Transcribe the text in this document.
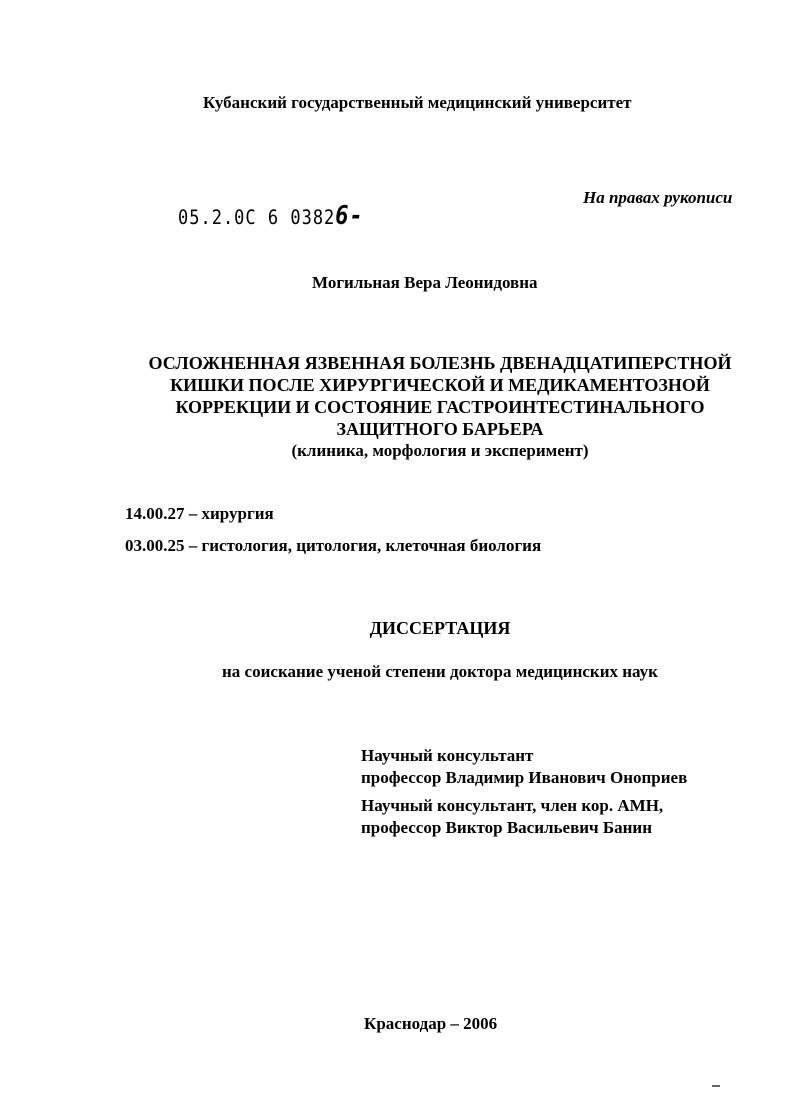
Кубанский государственный медицинский университет
05.2.0С 6 03826-
На правах рукописи
Могильная Вера Леонидовна
ОСЛОЖНЕННАЯ ЯЗВЕННАЯ БОЛЕЗНЬ ДВЕНАДЦАТИПЕРСТНОЙ
КИШКИ ПОСЛЕ ХИРУРГИЧЕСКОЙ И МЕДИКАМЕНТОЗНОЙ
КОРРЕКЦИИ И СОСТОЯНИЕ ГАСТРОИНТЕСТИНАЛЬНОГО
ЗАЩИТНОГО БАРЬЕРА
(клиника, морфология и эксперимент)
14.00.27 – хирургия
03.00.25 – гистология, цитология, клеточная биология
ДИССЕРТАЦИЯ
на соискание ученой степени доктора медицинских наук
Научный консультант
профессор Владимир Иванович Оноприев
Научный консультант, член кор. АМН,
профессор Виктор Васильевич Банин
Краснодар – 2006
